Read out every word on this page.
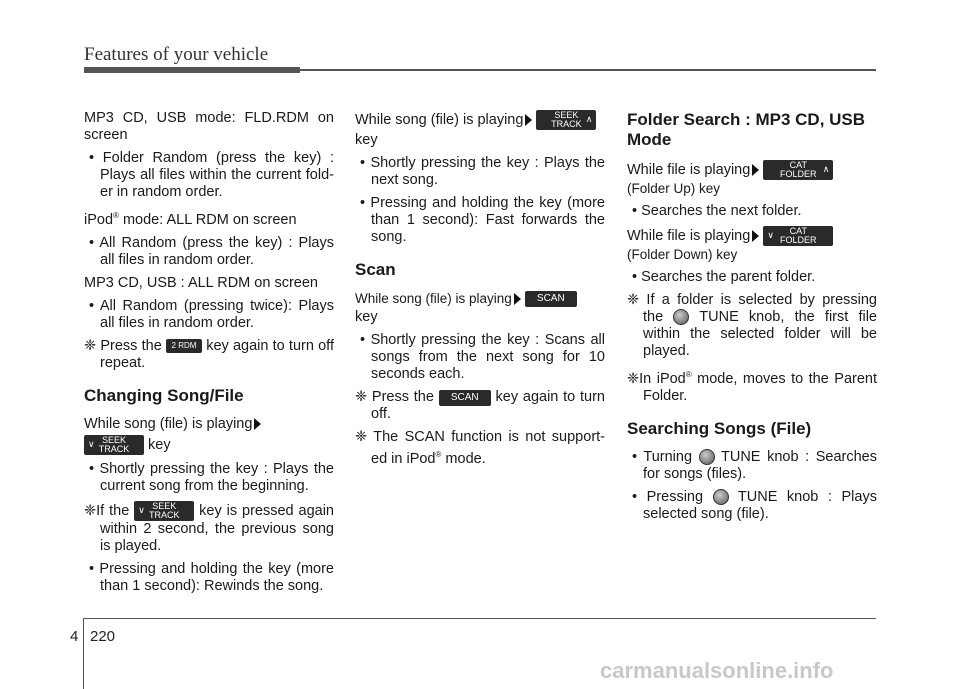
Features of your vehicle

MP3 CD, USB mode: FLD.RDM on screen

• Folder Random (press the key) : Plays all files within the current fold-er in random order.

iPod® mode: ALL RDM on screen

• All Random (press the key) : Plays all files in random order.

MP3 CD, USB : ALL RDM on screen

• All Random (pressing twice): Plays all files in random order.

❈ Press the 2 RDM key again to turn off repeat.

Changing Song/File

While song (file) is playing

∨ SEEK
TRACK key

• Shortly pressing the key : Plays the current song from the beginning.

❈If the ∨ SEEK
TRACK key is pressed again within 2 second, the previous song is played.

• Pressing and holding the key (more than 1 second): Rewinds the song.

While song (file) is playing	∧
SEEK
TRACK

key

• Shortly pressing the key : Plays the next song.

• Pressing and holding the key (more than 1 second): Fast forwards the song.

Scan

While song (file) is playing	SCAN

key

• Shortly pressing the key : Scans all songs from the next song for 10 seconds each.

❈ Press the SCAN key again to turn off.

❈ The SCAN function is not support-ed in iPod® mode.

Folder Search : MP3 CD, USB Mode

While file is playing	∧
CAT
FOLDER

(Folder Up) key

• Searches the next folder.

While file is playing ∨ CAT
FOLDER

(Folder Down) key

• Searches the parent folder.

❈ If a folder is selected by pressing the TUNE knob, the first file within the selected folder will be played.

❈In iPod® mode, moves to the Parent Folder.

Searching Songs (File)

• Turning TUNE knob : Searches for songs (files).

• Pressing TUNE knob : Plays selected song (file).

4 220
carmanualsonline.info
